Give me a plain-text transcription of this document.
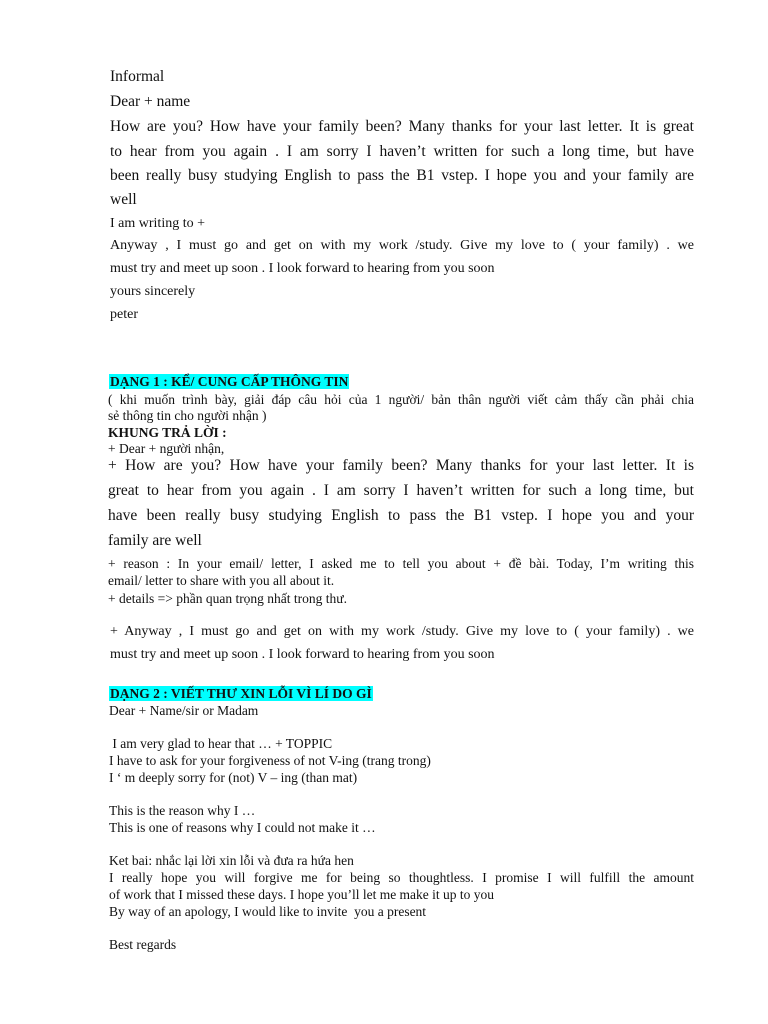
Informal

Dear + name

How are you? How have your family been? Many thanks for your last letter. It is great

to hear from you again . I am sorry I haven’t written for such a long time, but have

been really busy studying English to pass the B1 vstep. I hope you and your family are

well

I am writing to +

Anyway , I must go and get on with my work /study. Give my love to ( your family) . we

must try and meet up soon . I look forward to hearing from you soon

yours sincerely

peter

DẠNG 1 : KỂ/ CUNG CẤP THÔNG TIN

( khi muốn trình bày, giải đáp câu hỏi của 1 người/ bản thân người viết cảm thấy cần phải chia

sẻ thông tin cho người nhận )

KHUNG TRẢ LỜI :

+ Dear + người nhận,

+ How are you? How have your family been? Many thanks for your last letter. It is

great to hear from you again . I am sorry I haven’t written for such a long time, but

have been really busy studying English to pass the B1 vstep. I hope you and your

family are well

+ reason : In your email/ letter, I asked me to tell you about + đề bài. Today, I’m writing this

email/ letter to share with you all about it.

+ details => phần quan trọng nhất trong thư.

+ Anyway , I must go and get on with my work /study. Give my love to ( your family) . we

must try and meet up soon . I look forward to hearing from you soon

DẠNG 2 : VIẾT THƯ XIN LỖI VÌ LÍ DO GÌ

Dear + Name/sir or Madam

I am very glad to hear that … + TOPPIC

I have to ask for your forgiveness of not V-ing (trang trong)

I ‘ m deeply sorry for (not) V – ing (than mat)

This is the reason why I …

This is one of reasons why I could not make it …

Ket bai: nhắc lại lời xin lỗi và đưa ra hứa hen

I really hope you will forgive me for being so thoughtless. I promise I will fulfill the amount

of work that I missed these days. I hope you’ll let me make it up to you

By way of an apology, I would like to invite  you a present

Best regards
